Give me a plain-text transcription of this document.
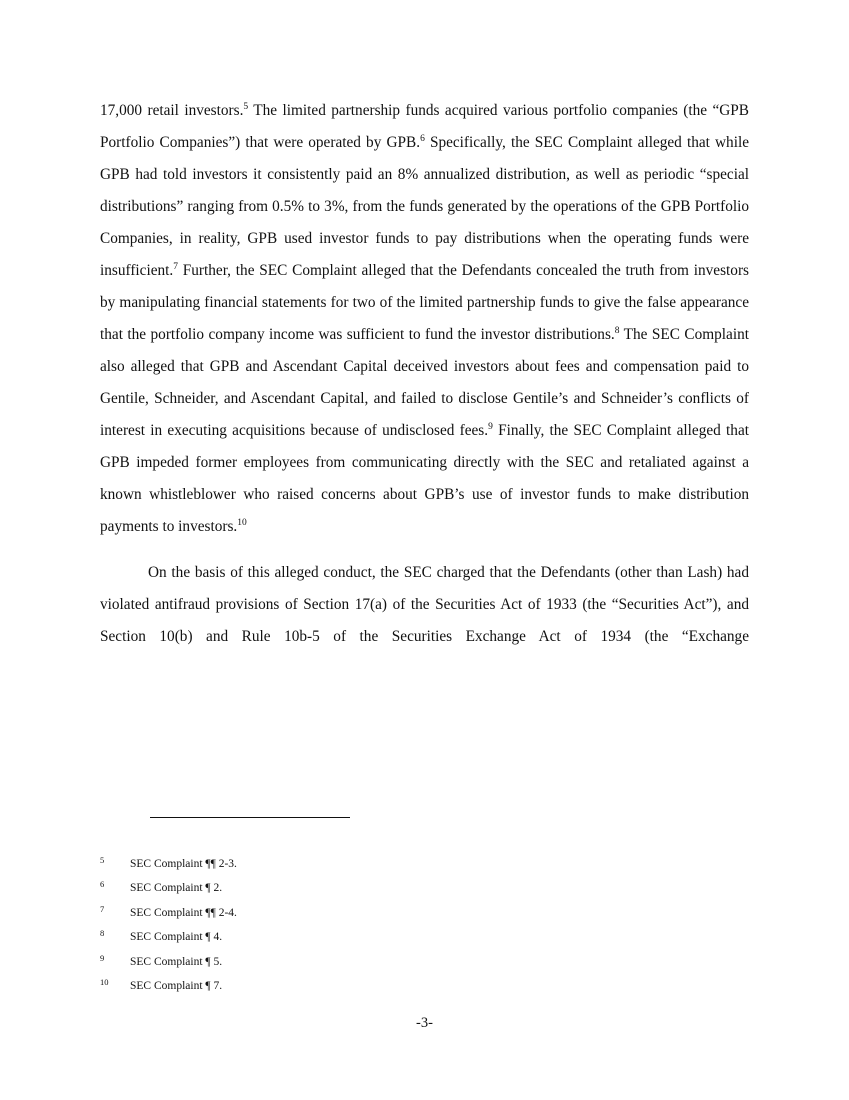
17,000 retail investors.$^5$ The limited partnership funds acquired various portfolio companies (the “GPB Portfolio Companies”) that were operated by GPB.$^6$ Specifically, the SEC Complaint alleged that while GPB had told investors it consistently paid an 8% annualized distribution, as well as periodic “special distributions” ranging from 0.5% to 3%, from the funds generated by the operations of the GPB Portfolio Companies, in reality, GPB used investor funds to pay distributions when the operating funds were insufficient.$^7$ Further, the SEC Complaint alleged that the Defendants concealed the truth from investors by manipulating financial statements for two of the limited partnership funds to give the false appearance that the portfolio company income was sufficient to fund the investor distributions.$^8$ The SEC Complaint also alleged that GPB and Ascendant Capital deceived investors about fees and compensation paid to Gentile, Schneider, and Ascendant Capital, and failed to disclose Gentile’s and Schneider’s conflicts of interest in executing acquisitions because of undisclosed fees.$^9$ Finally, the SEC Complaint alleged that GPB impeded former employees from communicating directly with the SEC and retaliated against a known whistleblower who raised concerns about GPB’s use of investor funds to make distribution payments to investors.$^{10}$

On the basis of this alleged conduct, the SEC charged that the Defendants (other than Lash) had violated antifraud provisions of Section 17(a) of the Securities Act of 1933 (the “Securities Act”), and Section 10(b) and Rule 10b-5 of the Securities Exchange Act of 1934 (the “Exchange

5 SEC Complaint ¶¶ 2-3.
6 SEC Complaint ¶ 2.
7 SEC Complaint ¶¶ 2-4.
8 SEC Complaint ¶ 4.
9 SEC Complaint ¶ 5.
10 SEC Complaint ¶ 7.
-3-
